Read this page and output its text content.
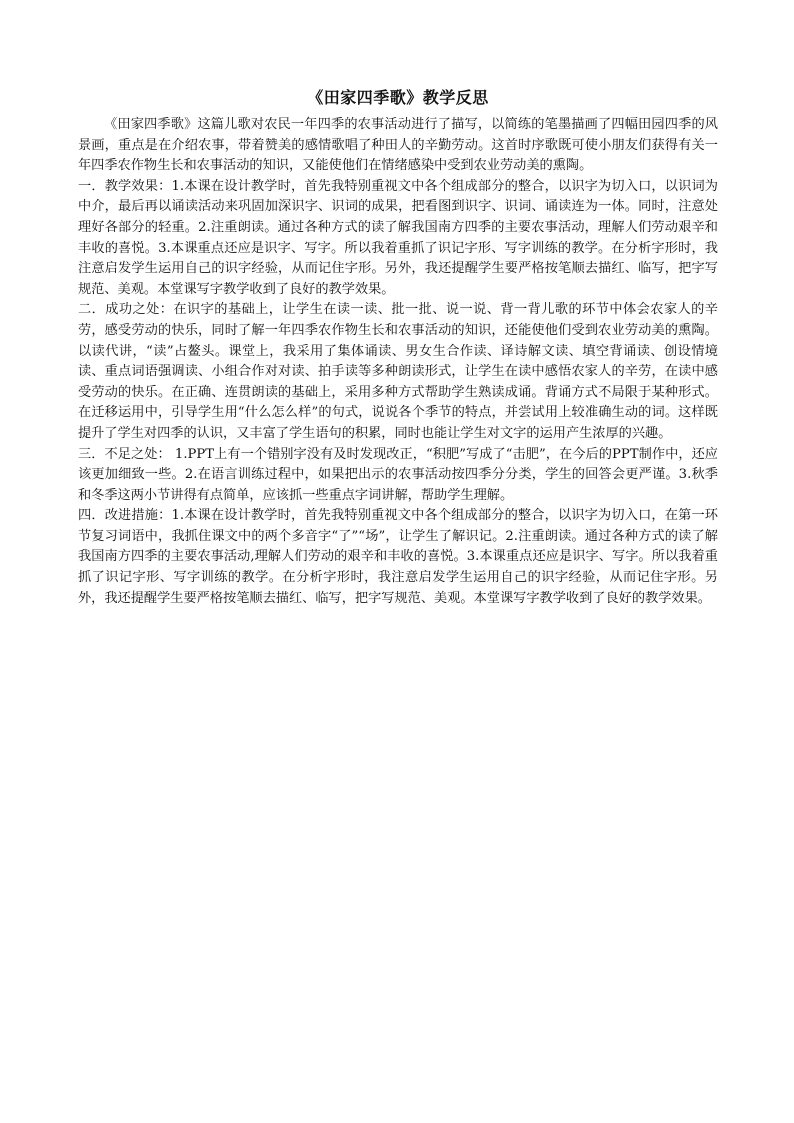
《田家四季歌》教学反思

《田家四季歌》这篇儿歌对农民一年四季的农事活动进行了描写，以简练的笔墨描画了四幅田园四季的风景画，重点是在介绍农事，带着赞美的感情歌唱了种田人的辛勤劳动。这首时序歌既可使小朋友们获得有关一年四季农作物生长和农事活动的知识，又能使他们在情绪感染中受到农业劳动美的熏陶。

一．教学效果：1.本课在设计教学时，首先我特别重视文中各个组成部分的整合，以识字为切入口，以识词为中介，最后再以诵读活动来巩固加深识字、识词的成果，把看图到识字、识词、诵读连为一体。同时，注意处理好各部分的轻重。2.注重朗读。通过各种方式的读了解我国南方四季的主要农事活动，理解人们劳动艰辛和丰收的喜悦。3.本课重点还应是识字、写字。所以我着重抓了识记字形、写字训练的教学。在分析字形时，我注意启发学生运用自己的识字经验，从而记住字形。另外，我还提醒学生要严格按笔顺去描红、临写，把字写规范、美观。本堂课写字教学收到了良好的教学效果。

二．成功之处：在识字的基础上，让学生在读一读、批一批、说一说、背一背儿歌的环节中体会农家人的辛劳，感受劳动的快乐，同时了解一年四季农作物生长和农事活动的知识，还能使他们受到农业劳动美的熏陶。以读代讲，“读”占鳌头。课堂上，我采用了集体诵读、男女生合作读、译诗解文读、填空背诵读、创设情境读、重点词语强调读、小组合作对对读、拍手读等多种朗读形式，让学生在读中感悟农家人的辛劳，在读中感受劳动的快乐。在正确、连贯朗读的基础上，采用多种方式帮助学生熟读成诵。背诵方式不局限于某种形式。在迁移运用中，引导学生用“什么怎么样”的句式，说说各个季节的特点，并尝试用上较准确生动的词。这样既提升了学生对四季的认识，又丰富了学生语句的积累，同时也能让学生对文字的运用产生浓厚的兴趣。

三．不足之处： 1.PPT上有一个错别字没有及时发现改正，“积肥”写成了“击肥”，在今后的PPT制作中，还应该更加细致一些。2.在语言训练过程中，如果把出示的农事活动按四季分分类，学生的回答会更严谨。3.秋季和冬季这两小节讲得有点简单，应该抓一些重点字词讲解，帮助学生理解。

四．改进措施：1.本课在设计教学时，首先我特别重视文中各个组成部分的整合，以识字为切入口，在第一环节复习词语中，我抓住课文中的两个多音字“了”“场”，让学生了解识记。2.注重朗读。通过各种方式的读了解我国南方四季的主要农事活动,理解人们劳动的艰辛和丰收的喜悦。3.本课重点还应是识字、写字。所以我着重抓了识记字形、写字训练的教学。在分析字形时，我注意启发学生运用自己的识字经验，从而记住字形。另外，我还提醒学生要严格按笔顺去描红、临写，把字写规范、美观。本堂课写字教学收到了良好的教学效果。
